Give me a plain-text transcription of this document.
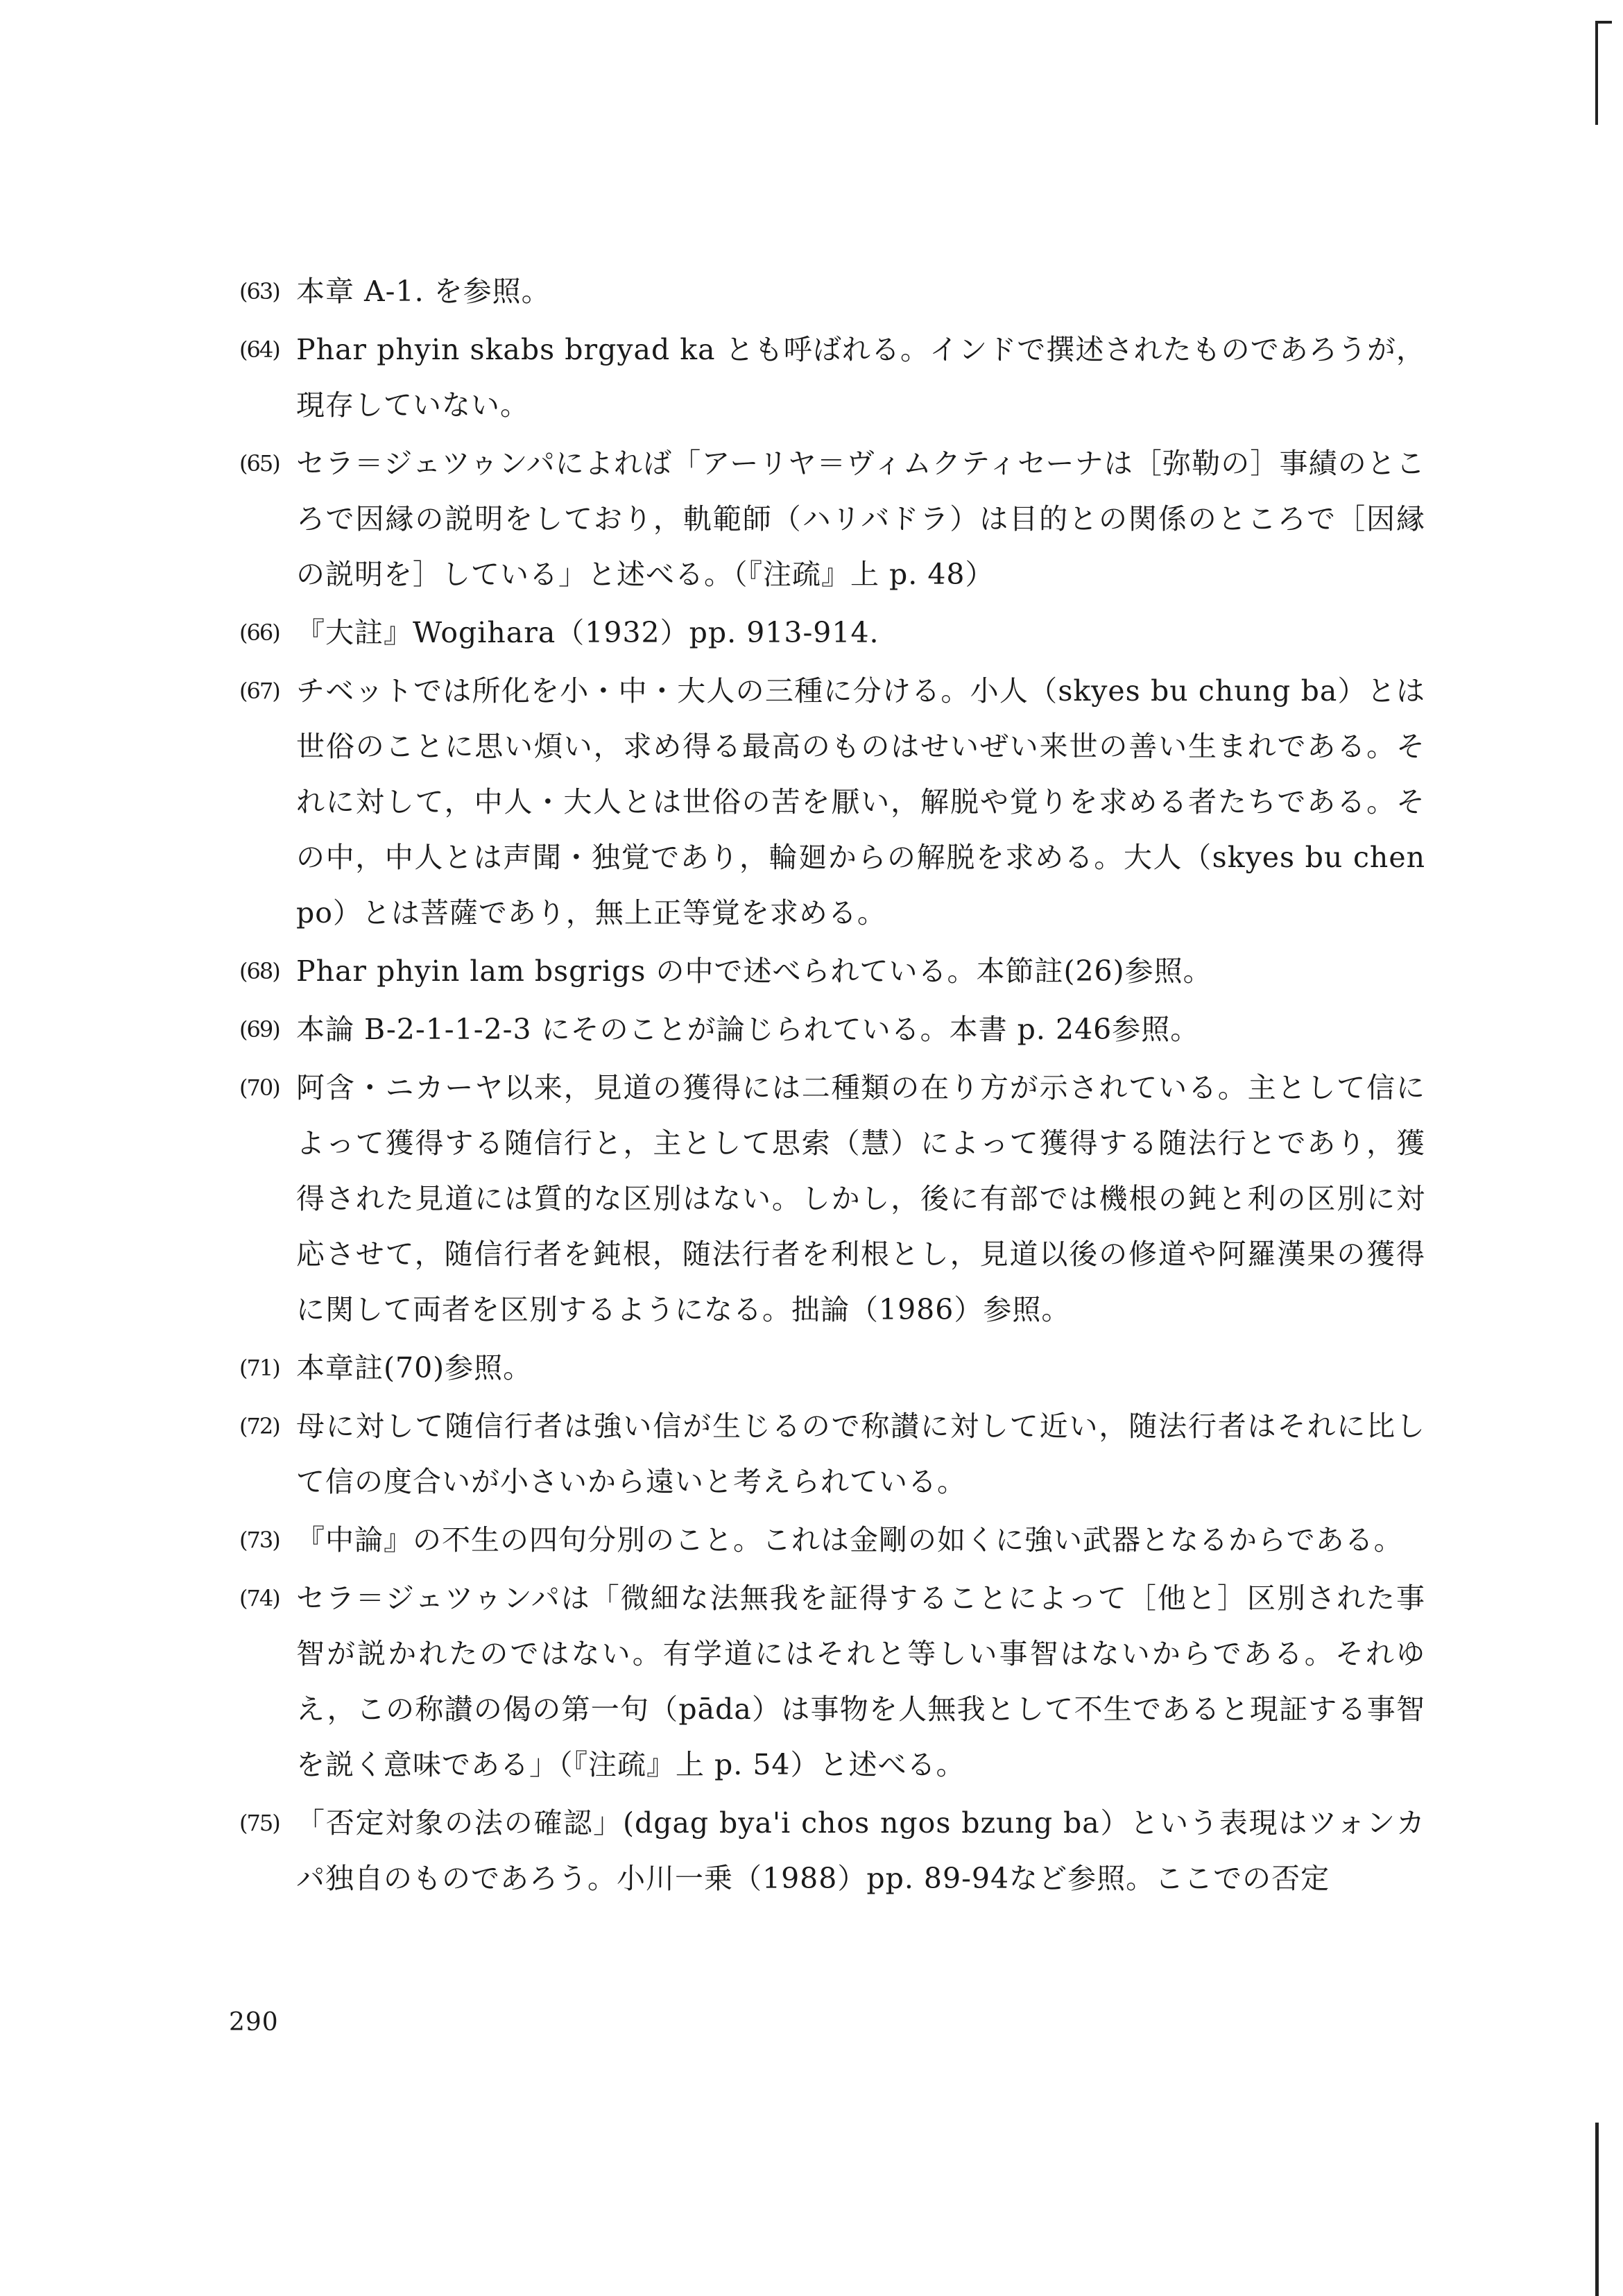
(63) 本章 A-1. を参照。
(64) Phar phyin skabs brgyad ka とも呼ばれる。インドで撰述されたものであろうが，現存していない。
(65) セラ＝ジェツゥンパによれば「アーリヤ＝ヴィムクティセーナは［弥勒の］事績のところで因縁の説明をしており，軌範師（ハリバドラ）は目的との関係のところで［因縁の説明を］している」と述べる。（『注疏』上 p. 48）
(66) 『大註』Wogihara（1932）pp. 913-914.
(67) チベットでは所化を小・中・大人の三種に分ける。小人（skyes bu chung ba）とは世俗のことに思い煩い，求め得る最高のものはせいぜい来世の善い生まれである。それに対して，中人・大人とは世俗の苦を厭い，解脱や覚りを求める者たちである。その中，中人とは声聞・独覚であり，輪廻からの解脱を求める。大人（skyes bu chen po）とは菩薩であり，無上正等覚を求める。
(68) Phar phyin lam bsgrigs の中で述べられている。本節註(26)参照。
(69) 本論 B-2-1-1-2-3 にそのことが論じられている。本書 p. 246参照。
(70) 阿含・ニカーヤ以来，見道の獲得には二種類の在り方が示されている。主として信によって獲得する随信行と，主として思索（慧）によって獲得する随法行とであり，獲得された見道には質的な区別はない。しかし，後に有部では機根の鈍と利の区別に対応させて，随信行者を鈍根，随法行者を利根とし，見道以後の修道や阿羅漢果の獲得に関して両者を区別するようになる。拙論（1986）参照。
(71) 本章註(70)参照。
(72) 母に対して随信行者は強い信が生じるので称讃に対して近い，随法行者はそれに比して信の度合いが小さいから遠いと考えられている。
(73) 『中論』の不生の四句分別のこと。これは金剛の如くに強い武器となるからである。
(74) セラ＝ジェツゥンパは「微細な法無我を証得することによって［他と］区別された事智が説かれたのではない。有学道にはそれと等しい事智はないからである。それゆえ，この称讃の偈の第一句（pāda）は事物を人無我として不生であると現証する事智を説く意味である」（『注疏』上 p. 54）と述べる。
(75) 「否定対象の法の確認」(dgag bya'i chos ngos bzung ba）という表現はツォンカパ独自のものであろう。小川一乗（1988）pp. 89-94など参照。ここでの否定
290
